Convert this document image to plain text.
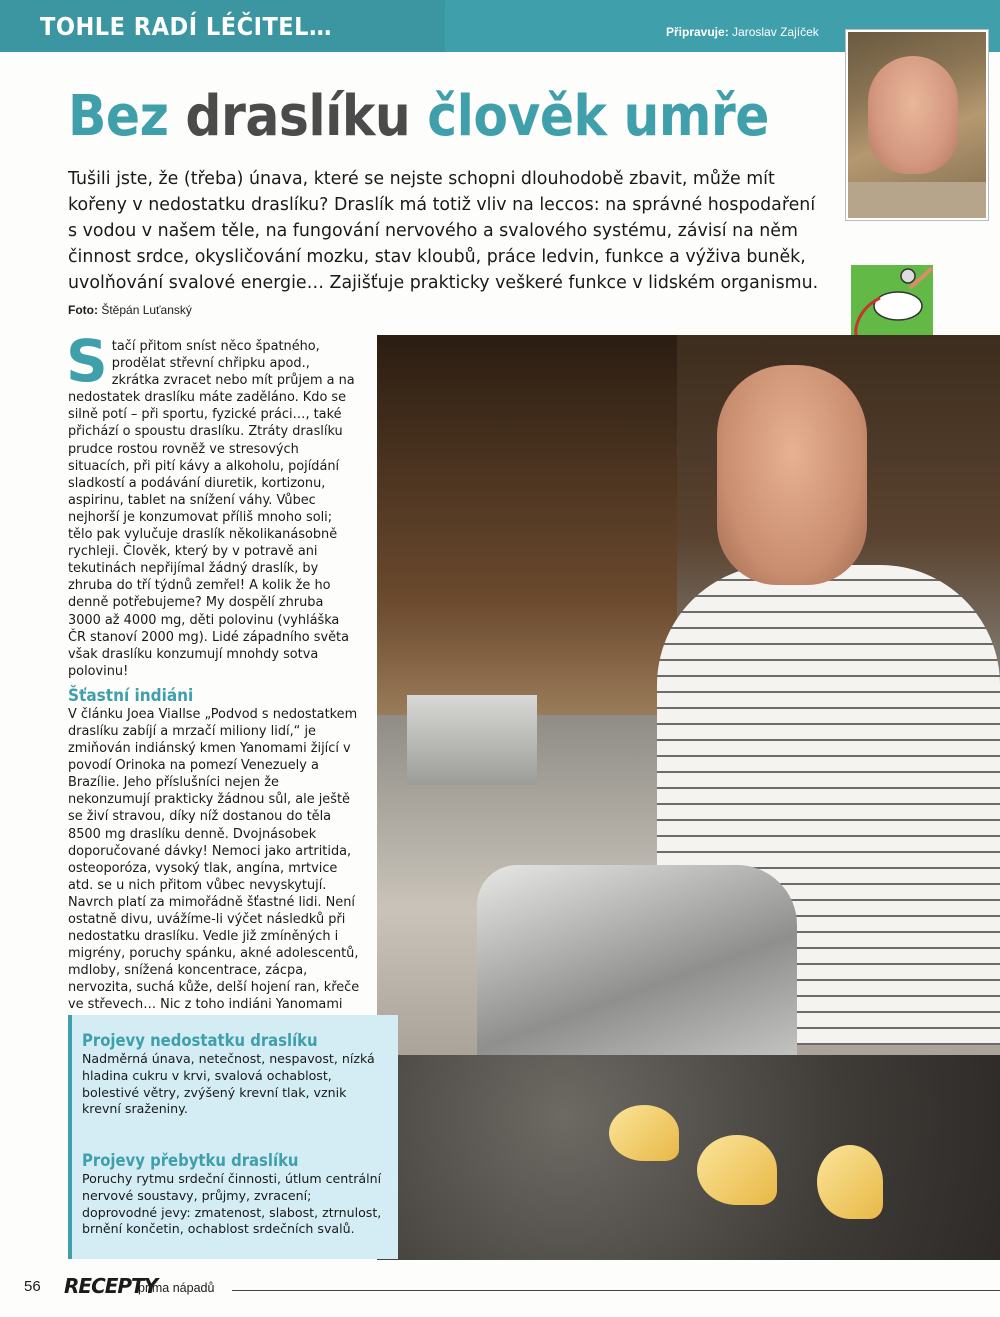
TOHLE RADÍ LÉČITEL…	Připravuje: Jaroslav Zajíček
Bez draslíku člověk umře
Tušili jste, že (třeba) únava, které se nejste schopni dlouhodobě zbavit, může mít kořeny v nedostatku draslíku? Draslík má totiž vliv na leccos: na správné hospodaření s vodou v našem těle, na fungování nervového a svalového systému, závisí na něm činnost srdce, okysličování mozku, stav kloubů, práce ledvin, funkce a výživa buněk, uvolňování svalové energie… Zajišťuje prakticky veškeré funkce v lidském organismu.
Foto: Štěpán Luťanský

Stačí přitom sníst něco špatného, prodělat střevní chřipku apod., zkrátka zvracet nebo mít průjem a na nedostatek draslíku máte zaděláno. Kdo se silně potí – při sportu, fyzické práci…, také přichází o spoustu draslíku. Ztráty draslíku prudce rostou rovněž ve stresových situacích, při pití kávy a alkoholu, pojídání sladkostí a podávání diuretik, kortizonu, aspirinu, tablet na snížení váhy. Vůbec nejhorší je konzumovat příliš mnoho soli; tělo pak vylučuje draslík několikanásobně rychleji. Člověk, který by v potravě ani tekutinách nepřijímal žádný draslík, by zhruba do tří týdnů zemřel! A kolik že ho denně potřebujeme? My dospělí zhruba 3000 až 4000 mg, děti polovinu (vyhláška ČR stanoví 2000 mg). Lidé západního světa však draslíku konzumují mnohdy sotva polovinu!

Šťastní indiáni

V článku Joea Viallse „Podvod s nedostatkem draslíku zabíjí a mrzačí miliony lidí,“ je zmiňován indiánský kmen Yanomami žijící v povodí Orinoka na pomezí Venezuely a Brazílie. Jeho příslušníci nejen že nekonzumují prakticky žádnou sůl, ale ještě se živí stravou, díky níž dostanou do těla 8500 mg draslíku denně. Dvojnásobek doporučované dávky! Nemoci jako artritida, osteoporóza, vysoký tlak, angína, mrtvice atd. se u nich přitom vůbec nevyskytují. Navrch platí za mimořádně šťastné lidi. Není ostatně divu, uvážíme-li výčet následků při nedostatku draslíku. Vedle již zmíněných i migrény, poruchy spánku, akné adolescentů, mdloby, snížená koncentrace, zácpa, nervozita, suchá kůže, delší hojení ran, křeče ve střevech… Nic z toho indiáni Yanomami

Projevy nedostatku draslíku

Nadměrná únava, netečnost, nespavost, nízká hladina cukru v krvi, svalová ochablost, bolestivé větry, zvýšený krevní tlak, vznik krevní sraženiny.

Projevy přebytku draslíku

Poruchy rytmu srdeční činnosti, útlum centrální nervové soustavy, průjmy, zvracení; doprovodné jevy: zmatenost, slabost, ztrnulost, brnění končetin, ochablost srdečních svalů.

56 RECEPTY
prima nápadů
